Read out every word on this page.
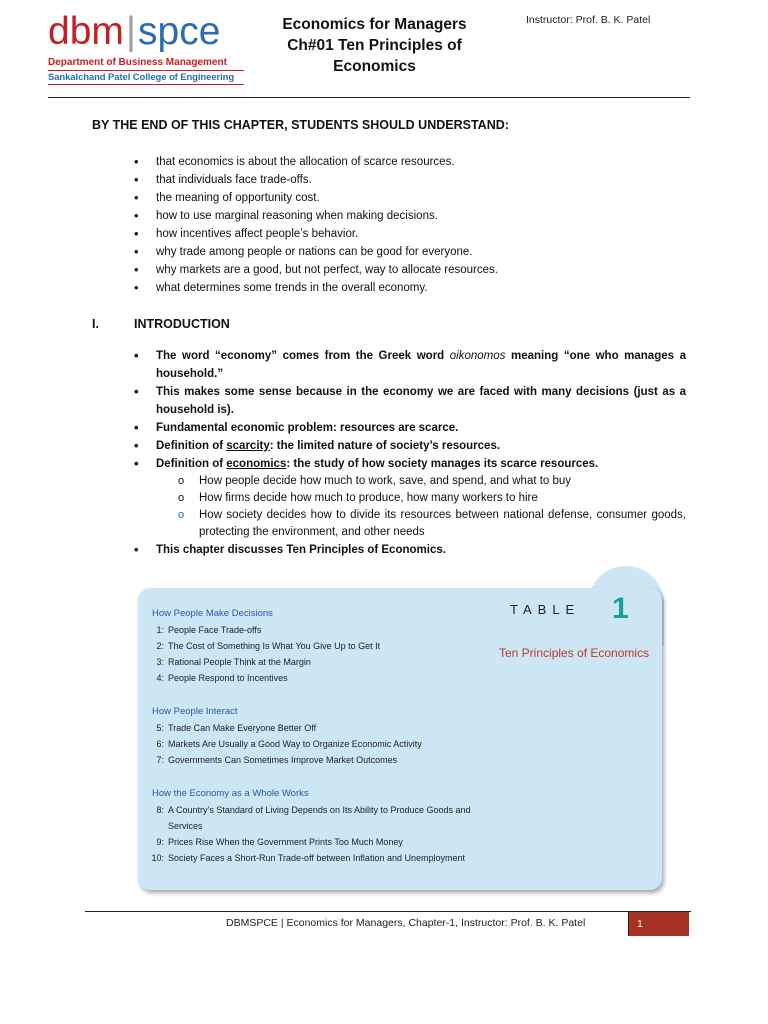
dbm|spce
Department of Business Management
Sankalchand Patel College of Engineering
Economics for Managers
Ch#01 Ten Principles of
Economics
Instructor: Prof. B. K. Patel
BY THE END OF THIS CHAPTER, STUDENTS SHOULD UNDERSTAND:
• that economics is about the allocation of scarce resources.
• that individuals face trade-offs.
• the meaning of opportunity cost.
• how to use marginal reasoning when making decisions.
• how incentives affect people’s behavior.
• why trade among people or nations can be good for everyone.
• why markets are a good, but not perfect, way to allocate resources.
• what determines some trends in the overall economy.
I.	INTRODUCTION
• The word “economy” comes from the Greek word oikonomos meaning “one who manages a household.”
• This makes some sense because in the economy we are faced with many decisions (just as a household is).
• Fundamental economic problem: resources are scarce.
• Definition of scarcity: the limited nature of society’s resources.
• Definition of economics: the study of how society manages its scarce resources.
o How people decide how much to work, save, and spend, and what to buy
o How firms decide how much to produce, how many workers to hire
o How society decides how to divide its resources between national defense, consumer goods, protecting the environment, and other needs
• This chapter discusses Ten Principles of Economics.
TABLE 1
Ten Principles of Economics
How People Make Decisions
1: People Face Trade-offs
2: The Cost of Something Is What You Give Up to Get It
3: Rational People Think at the Margin
4: People Respond to Incentives
How People Interact
5: Trade Can Make Everyone Better Off
6: Markets Are Usually a Good Way to Organize Economic Activity
7: Governments Can Sometimes Improve Market Outcomes
How the Economy as a Whole Works
8: A Country’s Standard of Living Depends on Its Ability to Produce Goods and
Services
9: Prices Rise When the Government Prints Too Much Money
10: Society Faces a Short-Run Trade-off between Inflation and Unemployment
DBMSPCE | Economics for Managers, Chapter-1, Instructor: Prof. B. K. Patel	1
